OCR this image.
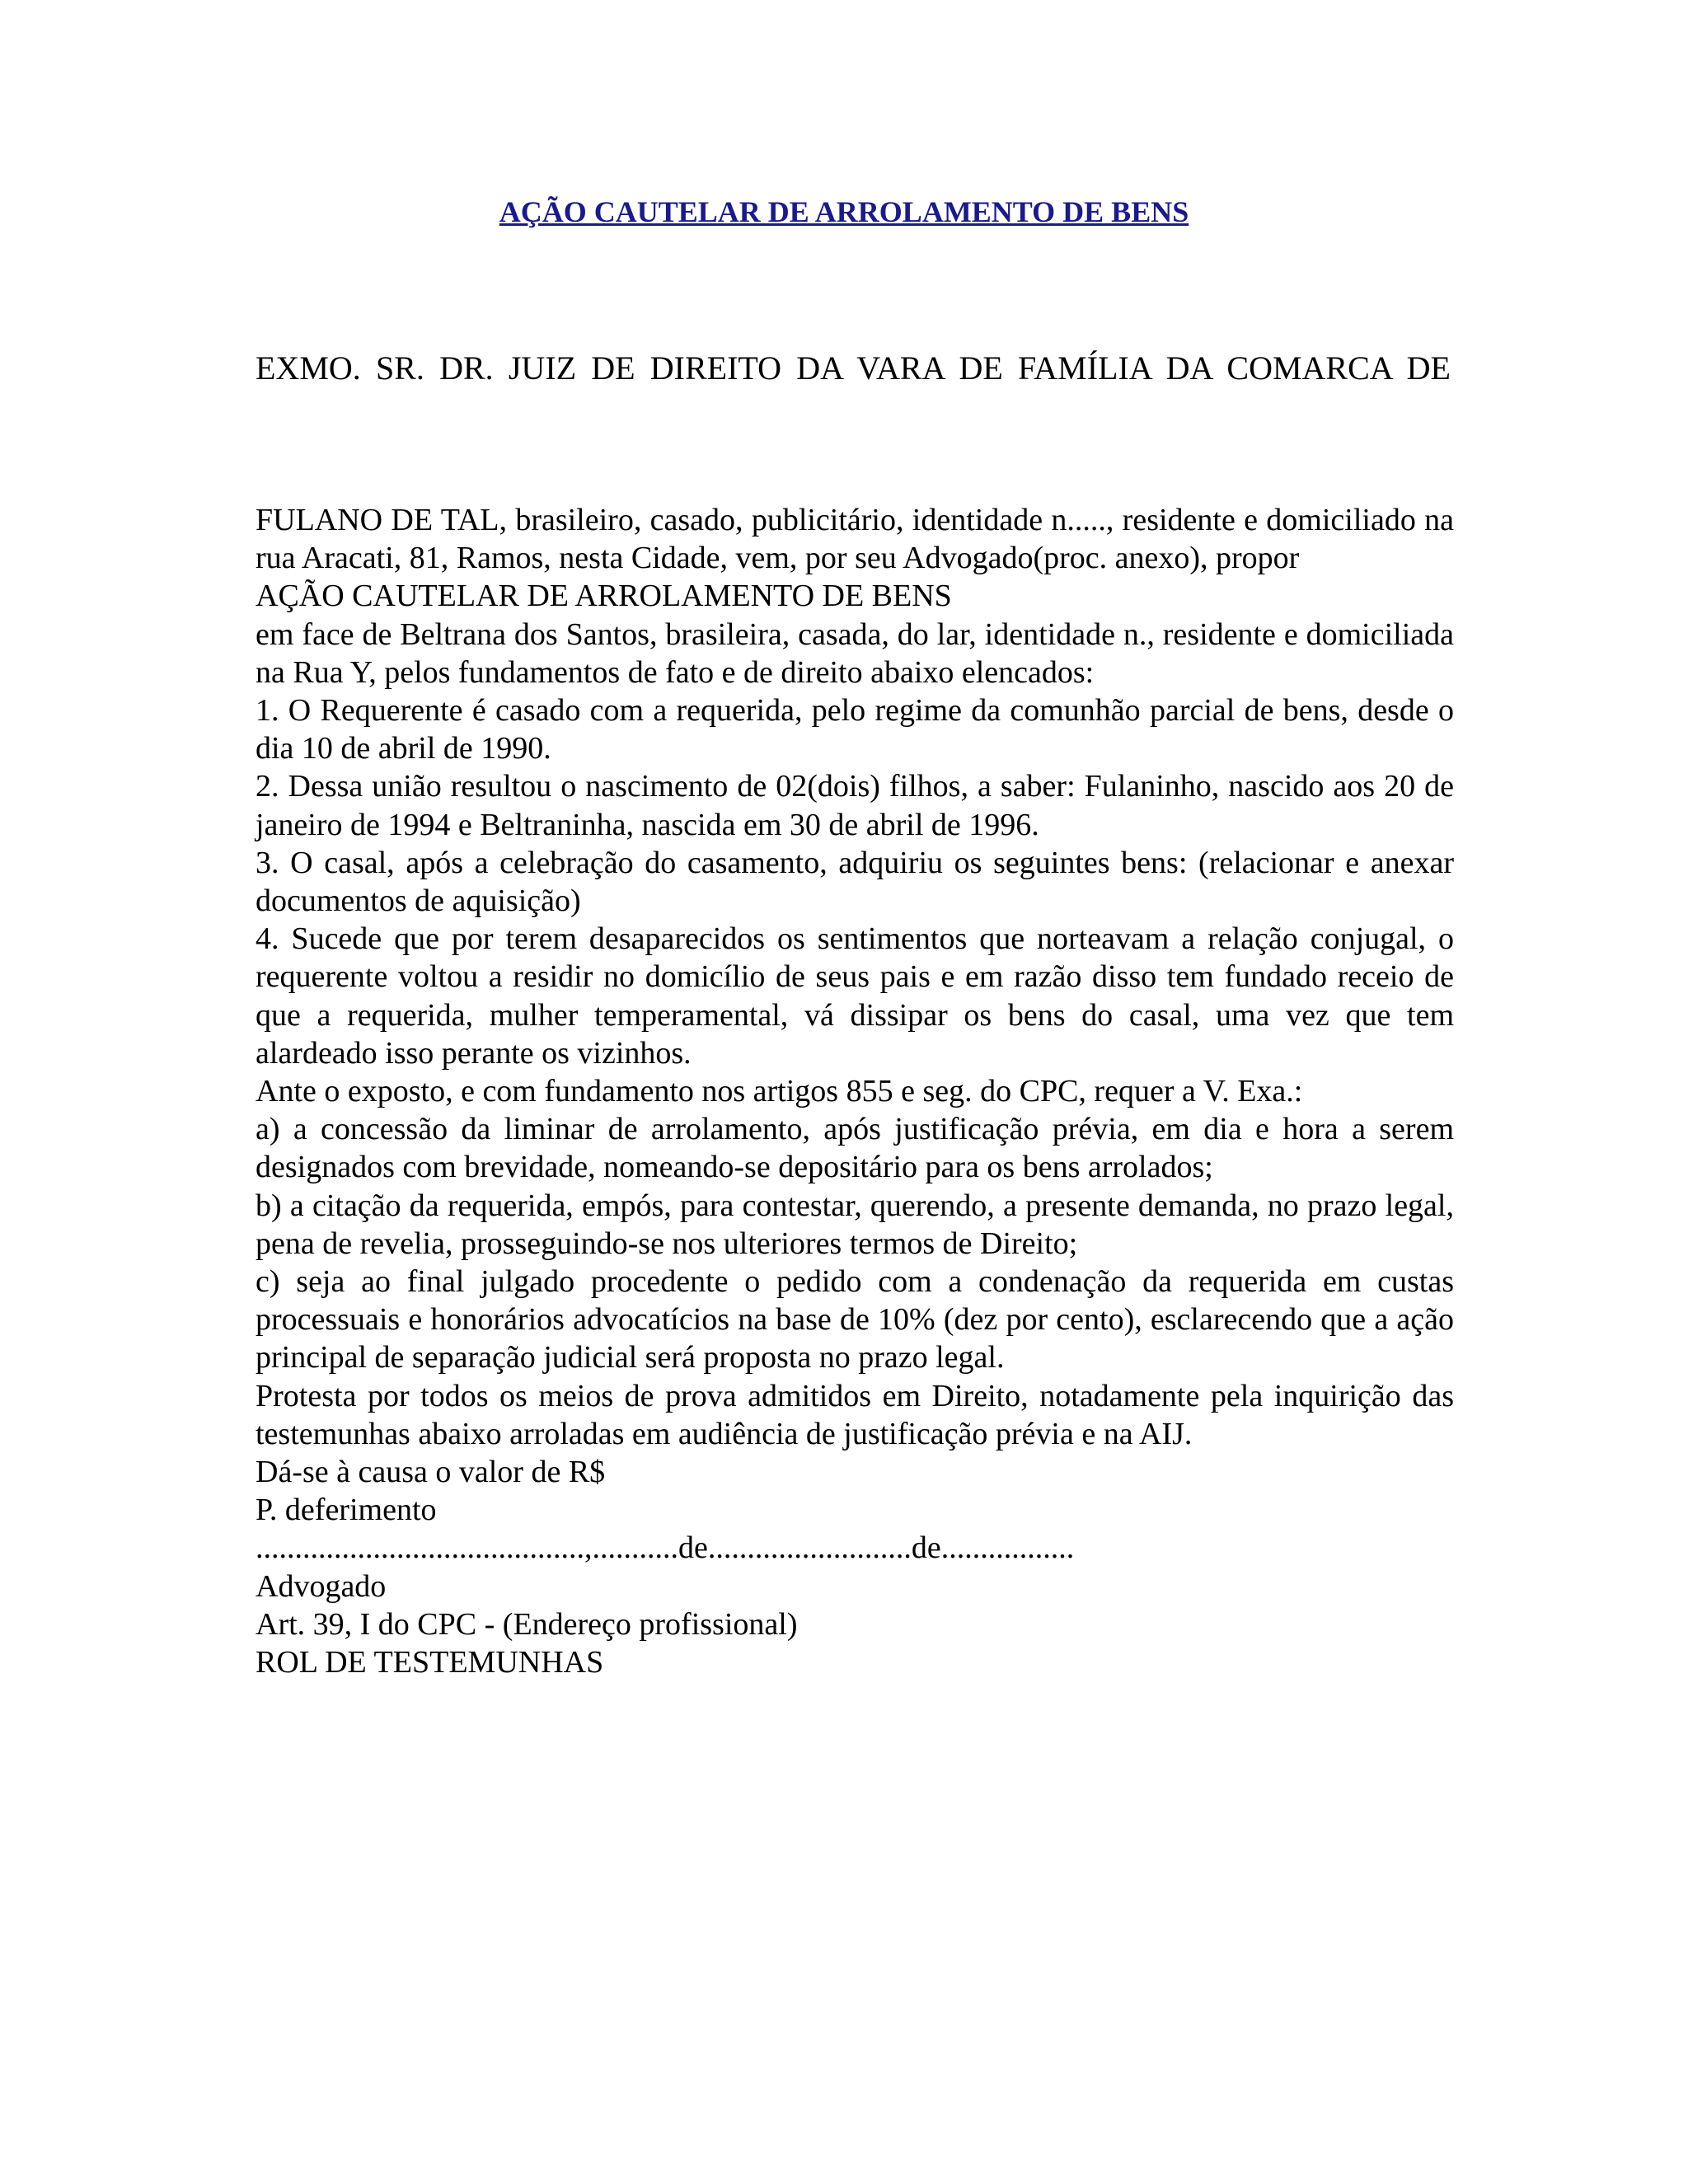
AÇÃO CAUTELAR DE ARROLAMENTO DE BENS
EXMO. SR. DR. JUIZ DE DIREITO DA VARA DE FAMÍLIA DA COMARCA DE

FULANO DE TAL, brasileiro, casado, publicitário, identidade n....., residente e domiciliado na rua Aracati, 81, Ramos, nesta Cidade, vem, por seu Advogado(proc. anexo), propor

AÇÃO CAUTELAR DE ARROLAMENTO DE BENS

em face de Beltrana dos Santos, brasileira, casada, do lar, identidade n., residente e domiciliada na Rua Y, pelos fundamentos de fato e de direito abaixo elencados:

1. O Requerente é casado com a requerida, pelo regime da comunhão parcial de bens, desde o dia 10 de abril de 1990.

2. Dessa união resultou o nascimento de 02(dois) filhos, a saber: Fulaninho, nascido aos 20 de janeiro de 1994 e Beltraninha, nascida em 30 de abril de 1996.

3. O casal, após a celebração do casamento, adquiriu os seguintes bens: (relacionar e anexar documentos de aquisição)

4. Sucede que por terem desaparecidos os sentimentos que norteavam a relação conjugal, o requerente voltou a residir no domicílio de seus pais e em razão disso tem fundado receio de que a requerida, mulher temperamental, vá dissipar os bens do casal, uma vez que tem alardeado isso perante os vizinhos.

Ante o exposto, e com fundamento nos artigos 855 e seg. do CPC, requer a V. Exa.:

a) a concessão da liminar de arrolamento, após justificação prévia, em dia e hora a serem designados com brevidade, nomeando-se depositário para os bens arrolados;

b) a citação da requerida, empós, para contestar, querendo, a presente demanda, no prazo legal, pena de revelia, prosseguindo-se nos ulteriores termos de Direito;

c) seja ao final julgado procedente o pedido com a condenação da requerida em custas processuais e honorários advocatícios na base de 10% (dez por cento), esclarecendo que a ação principal de separação judicial será proposta no prazo legal.

Protesta por todos os meios de prova admitidos em Direito, notadamente pela inquirição das testemunhas abaixo arroladas em audiência de justificação prévia e na AIJ.

Dá-se à causa o valor de R$

P. deferimento

..........................................,...........de..........................de.................

Advogado

Art. 39, I do CPC - (Endereço profissional)

ROL DE TESTEMUNHAS
